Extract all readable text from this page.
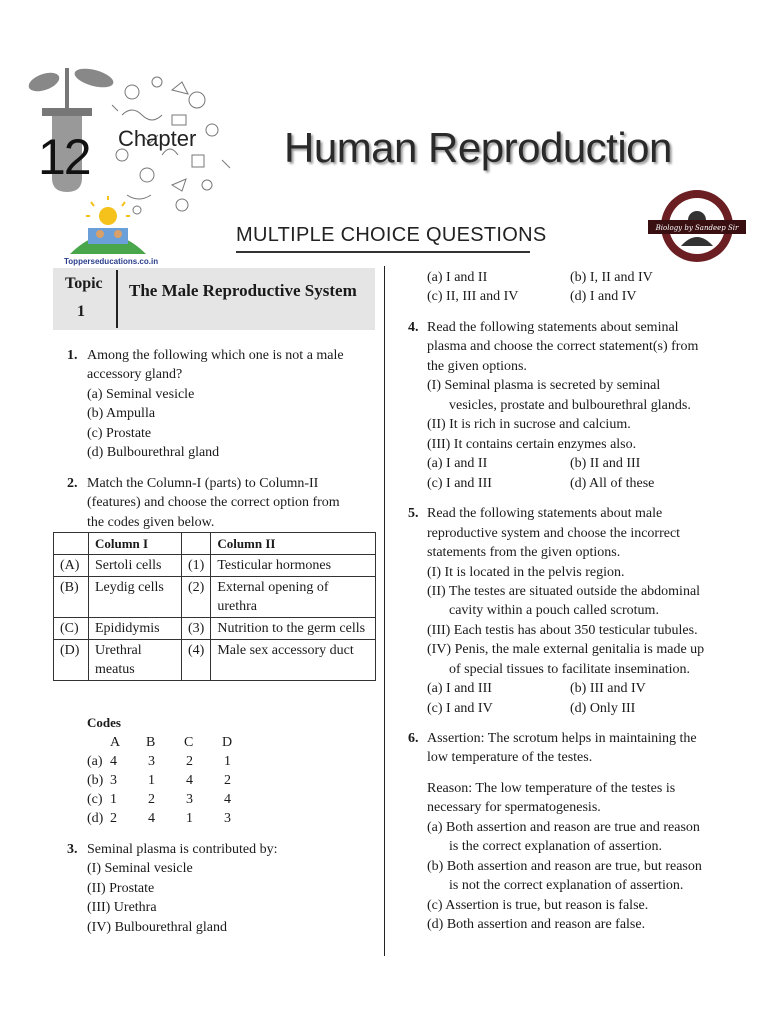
12 Chapter Human Reproduction
Topperseducations.co.in
MULTIPLE CHOICE QUESTIONS	Biology by Sandeep Sir
Topic
1
The Male Reproductive System
1. Among the following which one is not a male
accessory gland?
(a) Seminal vesicle
(b) Ampulla
(c) Prostate
(d) Bulbourethral gland
2. Match the Column-I (parts) to Column-II
(features) and choose the correct option from
the codes given below.
	Column I		Column II
(A)	Sertoli cells	(1)	Testicular hormones
(B)	Leydig cells	(2)	External opening of urethra
(C)	Epididymis	(3)	Nutrition to the germ cells
(D)	Urethral meatus	(4)	Male sex accessory duct
Codes
A B C D
(a) 4 3 2 1
(b) 3 1 4 2
(c) 1 2 3 4
(d) 2 4 1 3
3. Seminal plasma is contributed by:
(I) Seminal vesicle
(II) Prostate
(III) Urethra
(IV) Bulbourethral gland
(a) I and II	(b) I, II and IV
(c) II, III and IV	(d) I and IV
4. Read the following statements about seminal
plasma and choose the correct statement(s) from
the given options.
(I) Seminal plasma is secreted by seminal
vesicles, prostate and bulbourethral glands.
(II) It is rich in sucrose and calcium.
(III) It contains certain enzymes also.
(a) I and II	(b) II and III
(c) I and III	(d) All of these
5. Read the following statements about male
reproductive system and choose the incorrect
statements from the given options.
(I) It is located in the pelvis region.
(II) The testes are situated outside the abdominal
cavity within a pouch called scrotum.
(III) Each testis has about 350 testicular tubules.
(IV) Penis, the male external genitalia is made up
of special tissues to facilitate insemination.
(a) I and III	(b) III and IV
(c) I and IV	(d) Only III
6. Assertion: The scrotum helps in maintaining the
low temperature of the testes.
Reason: The low temperature of the testes is
necessary for spermatogenesis.
(a) Both assertion and reason are true and reason
is the correct explanation of assertion.
(b) Both assertion and reason are true, but reason
is not the correct explanation of assertion.
(c) Assertion is true, but reason is false.
(d) Both assertion and reason are false.
